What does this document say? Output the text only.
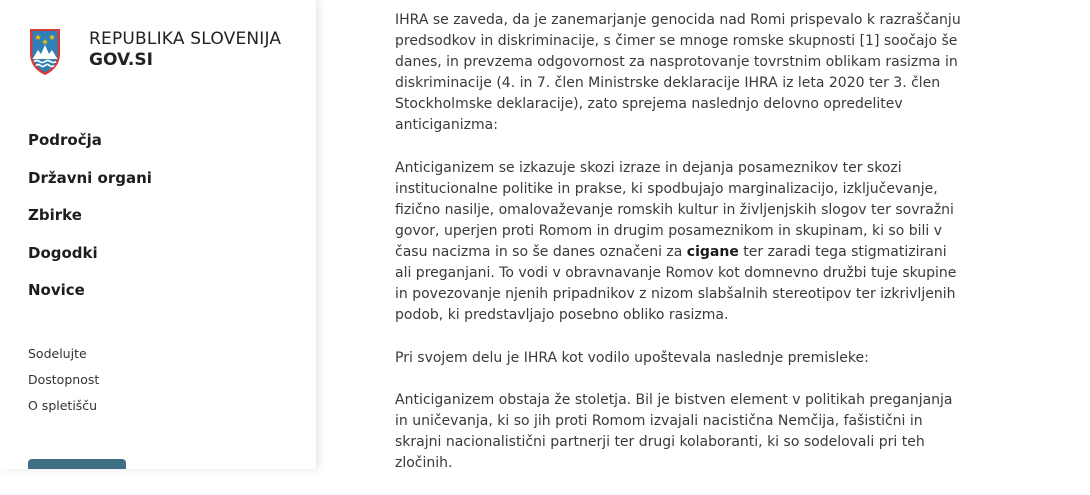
REPUBLIKA SLOVENIJA
GOV.SI
Področja
Državni organi
Zbirke
Dogodki
Novice
Sodelujte
Dostopnost
O spletišču

IHRA se zaveda, da je zanemarjanje genocida nad Romi prispevalo k razraščanju predsodkov in diskriminacije, s čimer se mnoge romske skupnosti [1] soočajo še danes, in prevzema odgovornost za nasprotovanje tovrstnim oblikam rasizma in diskriminacije (4. in 7. člen Ministrske deklaracije IHRA iz leta 2020 ter 3. člen Stockholmske deklaracije), zato sprejema naslednjo delovno opredelitev anticiganizma:

Anticiganizem se izkazuje skozi izraze in dejanja posameznikov ter skozi institucionalne politike in prakse, ki spodbujajo marginalizacijo, izključevanje, fizično nasilje, omalovaževanje romskih kultur in življenjskih slogov ter sovražni govor, uperjen proti Romom in drugim posameznikom in skupinam, ki so bili v času nacizma in so še danes označeni za cigane ter zaradi tega stigmatizirani ali preganjani. To vodi v obravnavanje Romov kot domnevno družbi tuje skupine in povezovanje njenih pripadnikov z nizom slabšalnih stereotipov ter izkrivljenih podob, ki predstavljajo posebno obliko rasizma.

Pri svojem delu je IHRA kot vodilo upoštevala naslednje premisleke:

Anticiganizem obstaja že stoletja. Bil je bistven element v politikah preganjanja in uničevanja, ki so jih proti Romom izvajali nacistična Nemčija, fašistični in skrajni nacionalistični partnerji ter drugi kolaboranti, ki so sodelovali pri teh zločinih.
